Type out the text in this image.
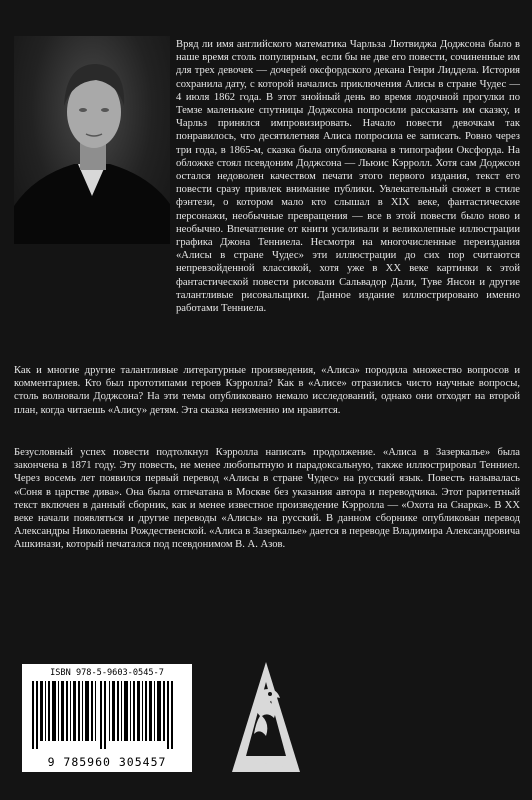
Вряд ли имя английского математика Чарльза Лютвиджа Доджсона было в наше время столь популярным, если бы не две его повести, сочиненные им для трех девочек — дочерей оксфордского декана Генри Лиддела. История сохранила дату, с которой начались приключения Алисы в стране Чудес — 4 июля 1862 года. В этот знойный день во время лодочной прогулки по Темзе маленькие спутницы Доджсона попросили рассказать им сказку, и Чарльз принялся импровизировать. Начало повести девочкам так понравилось, что десятилетняя Алиса попросила ее записать. Ровно через три года, в 1865-м, сказка была опубликована в типографии Оксфорда. На обложке стоял псевдоним Доджсона — Льюис Кэрролл. Хотя сам Доджсон остался недоволен качеством печати этого первого издания, текст его повести сразу привлек внимание публики. Увлекательный сюжет в стиле фэнтези, о котором мало кто слышал в XIX веке, фантастические персонажи, необычные превращения — все в этой повести было ново и необычно. Впечатление от книги усиливали и великолепные иллюстрации графика Джона Тенниела. Несмотря на многочисленные переиздания «Алисы в стране Чудес» эти иллюстрации до сих пор считаются непревзойденной классикой, хотя уже в XX веке картинки к этой фантастической повести рисовали Сальвадор Дали, Туве Янсон и другие талантливые рисовальщики. Данное издание иллюстрировано именно работами Тенниела.

Как и многие другие талантливые литературные произведения, «Алиса» породила множество вопросов и комментариев. Кто был прототипами героев Кэрролла? Как в «Алисе» отразились чисто научные вопросы, столь волновали Доджсона? На эти темы опубликовано немало исследований, однако они отходят на второй план, когда читаешь «Алису» детям. Эта сказка неизменно им нравится.

Безусловный успех повести подтолкнул Кэрролла написать продолжение. «Алиса в Зазеркалье» была закончена в 1871 году. Эту повесть, не менее любопытную и парадоксальную, также иллюстрировал Тенниел. Через восемь лет появился первый перевод «Алисы в стране Чудес» на русский язык. Повесть называлась «Соня в царстве дива». Она была отпечатана в Москве без указания автора и переводчика. Этот раритетный текст включен в данный сборник, как и менее известное произведение Кэрролла — «Охота на Снарка». В XX веке начали появляться и другие переводы «Алисы» на русский. В данном сборнике опубликован перевод Александры Николаевны Рождественской. «Алиса в Зазеркалье» дается в переводе Владимира Александровича Ашкинази, который печатался под псевдонимом В. А. Азов.

ISBN 978-5-9603-0545-7
9 785960 305457
